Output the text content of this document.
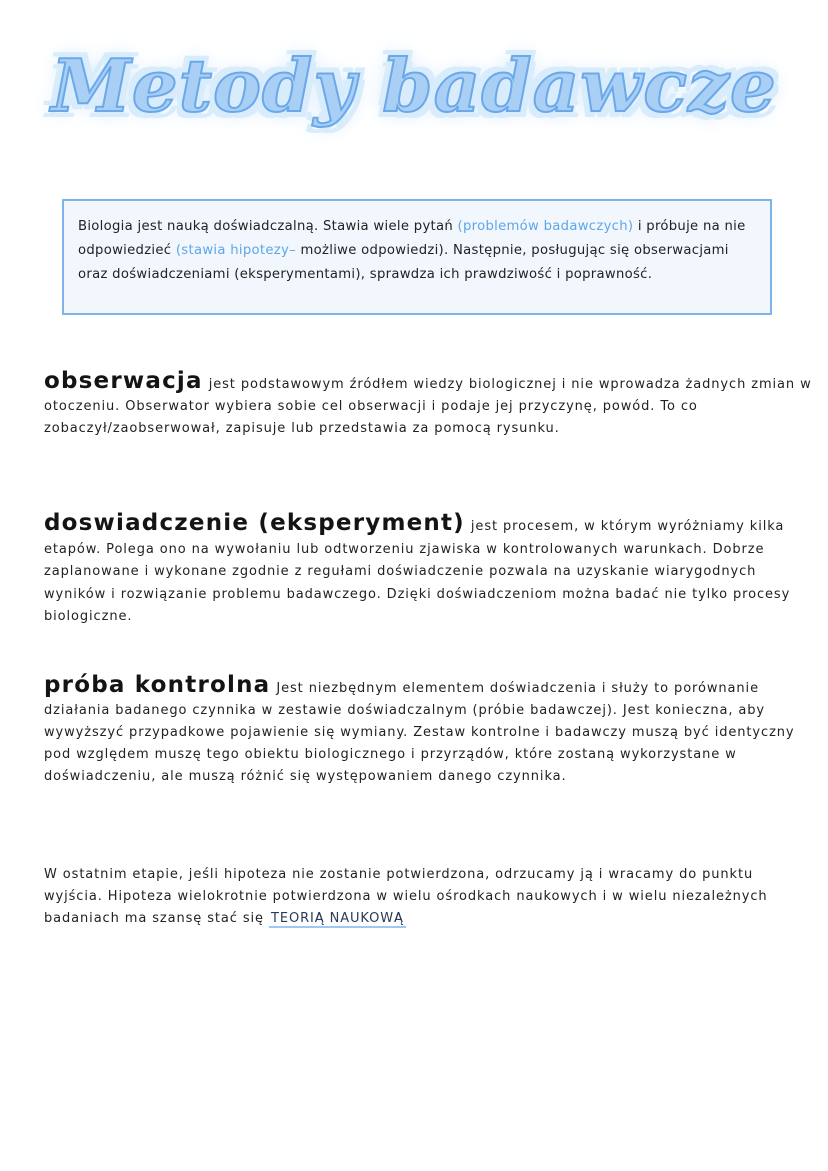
Metody badawcze
Biologia jest nauką doświadczalną. Stawia wiele pytań (problemów badawczych) i próbuje na nie odpowiedzieć (stawia hipotezy– możliwe odpowiedzi). Następnie, posługując się obserwacjami oraz doświadczeniami (eksperymentami), sprawdza ich prawdziwość i poprawność.
obserwacja jest podstawowym źródłem wiedzy biologicznej i nie wprowadza żadnych zmian w otoczeniu. Obserwator wybiera sobie cel obserwacji i podaje jej przyczynę, powód. To co zobaczył/zaobserwował, zapisuje lub przedstawia za pomocą rysunku.
doswiadczenie (eksperyment) jest procesem, w którym wyróżniamy kilka etapów. Polega ono na wywołaniu lub odtworzeniu zjawiska w kontrolowanych warunkach. Dobrze zaplanowane i wykonane zgodnie z regułami doświadczenie pozwala na uzyskanie wiarygodnych wyników i rozwiązanie problemu badawczego. Dzięki doświadczeniom można badać nie tylko procesy biologiczne.
próba kontrolna Jest niezbędnym elementem doświadczenia i służy to porównanie działania badanego czynnika w zestawie doświadczalnym (próbie badawczej). Jest konieczna, aby wywyższyć przypadkowe pojawienie się wymiany. Zestaw kontrolne i badawczy muszą być identyczny pod względem muszę tego obiektu biologicznego i przyrządów, które zostaną wykorzystane w doświadczeniu, ale muszą różnić się występowaniem danego czynnika.
W ostatnim etapie, jeśli hipoteza nie zostanie potwierdzona, odrzucamy ją i wracamy do punktu wyjścia. Hipoteza wielokrotnie potwierdzona w wielu ośrodkach naukowych i w wielu niezależnych badaniach ma szansę stać się TEORIĄ NAUKOWĄ
